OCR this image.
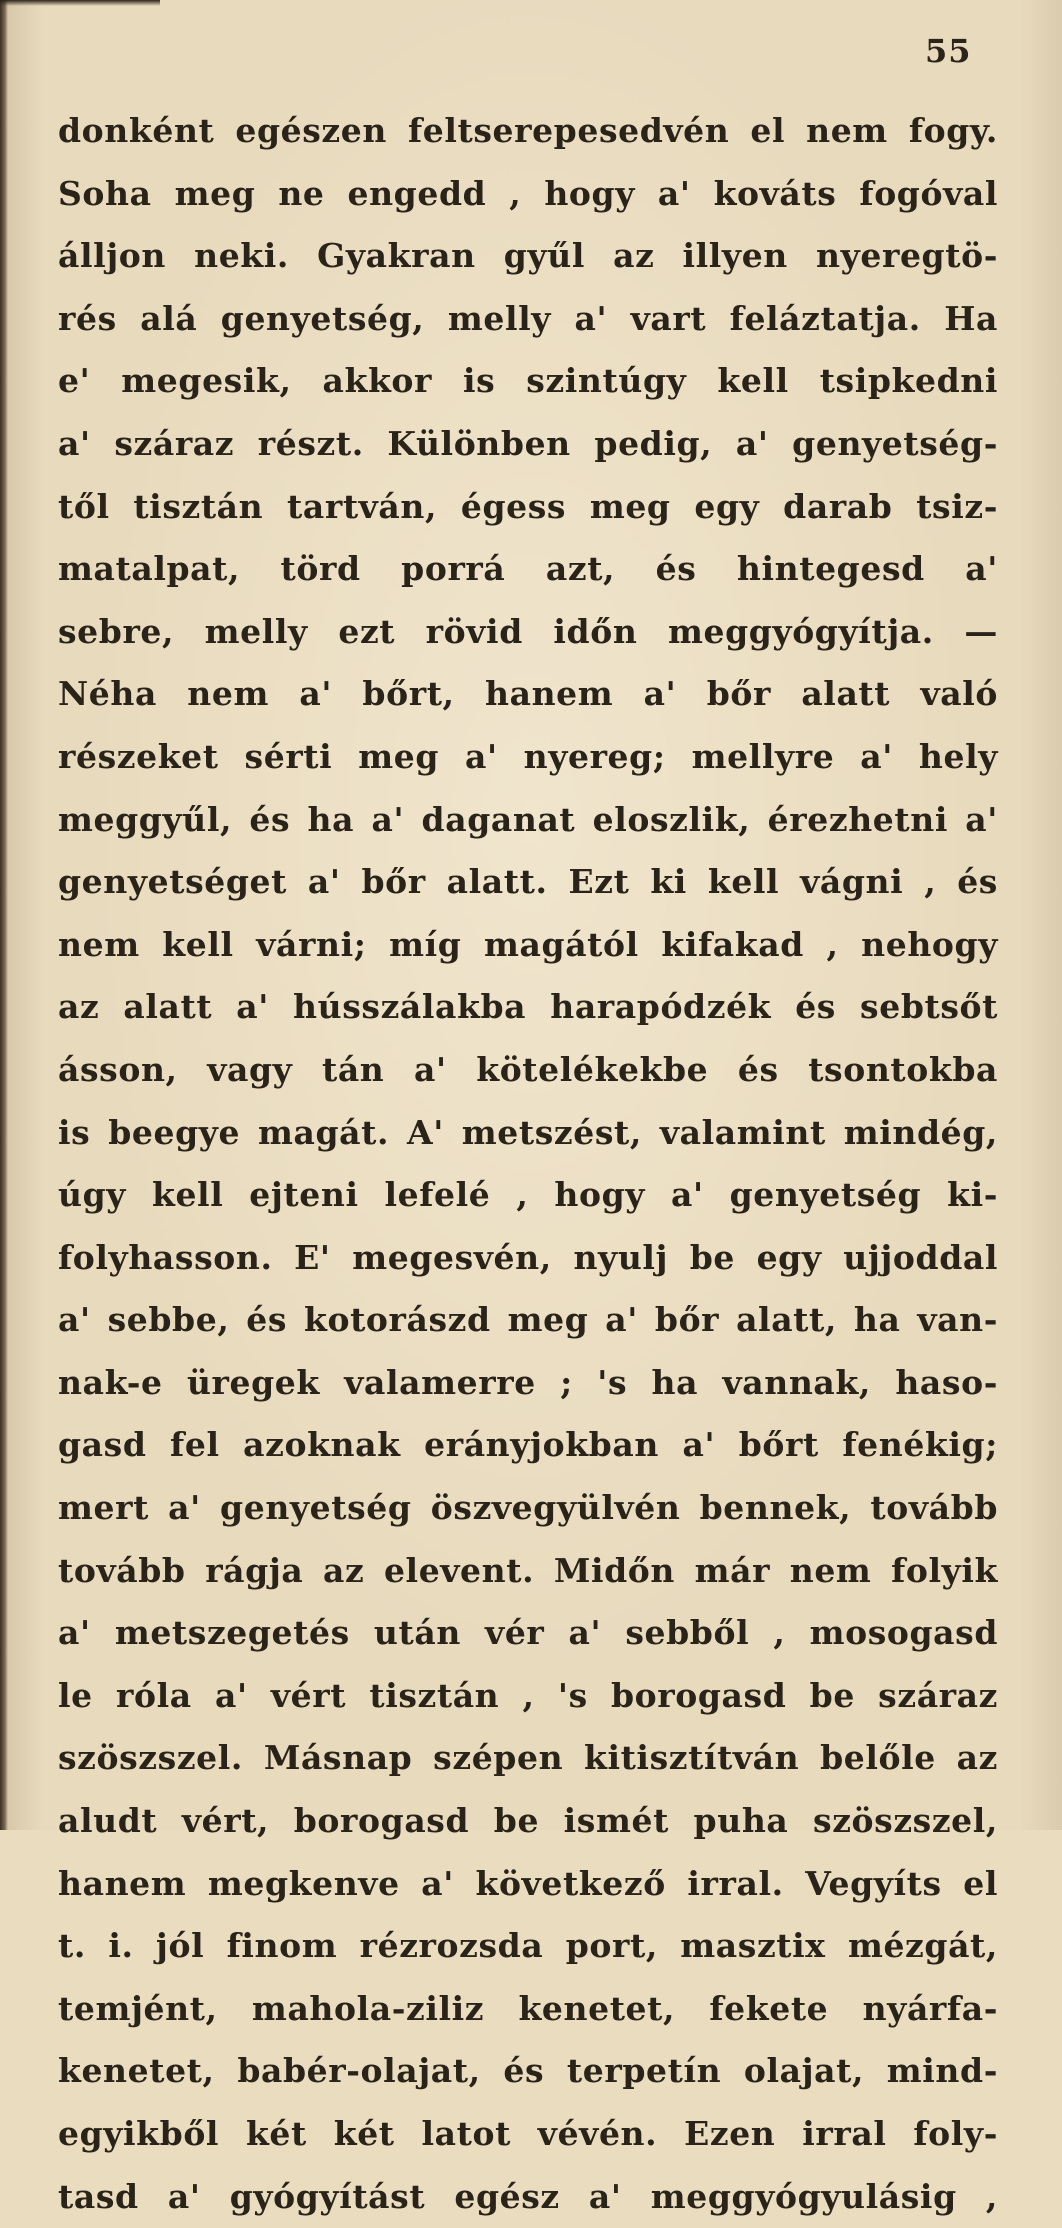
55
donként egészen feltserepesedvén el nem fogy.
Soha meg ne engedd , hogy a' kováts fogóval
álljon neki. Gyakran gyűl az illyen nyeregtö-
rés alá genyetség, melly a' vart feláztatja. Ha
e' megesik, akkor is szintúgy kell tsipkedni
a' száraz részt. Különben pedig, a' genyetség-
től tisztán tartván, égess meg egy darab tsiz-
matalpat, törd porrá azt, és hintegesd a'
sebre, melly ezt rövid idő́n meggyógyítja. —
Néha nem a' bőrt, hanem a' bőr alatt való
részeket sérti meg a' nyereg; mellyre a' hely
meggyűl, és ha a' daganat eloszlik, érezhetni a'
genyetséget a' bőr alatt. Ezt ki kell vágni , és
nem kell várni; míg magától kifakad , nehogy
az alatt a' hússzálakba harapódzék és sebtsőt
ásson, vagy tán a' kötelékekbe és tsontokba
is beegye magát. A' metszést, valamint mindég,
úgy kell ejteni lefelé , hogy a' genyetség ki-
folyhasson. E' megesvén, nyulj be egy ujjoddal
a' sebbe, és kotorászd meg a' bőr alatt, ha van-
nak-e üregek valamerre ; 's ha vannak, haso-
gasd fel azoknak erányjokban a' bőrt fenékig;
mert a' genyetség öszvegyülvén bennek, tovább
tovább rágja az elevent. Midőn már nem folyik
a' metszegetés után vér a' sebből , mosogasd
le róla a' vért tisztán , 's borogasd be száraz
szöszszel. Másnap szépen kitisztítván belőle az
aludt vért, borogasd be ismét puha szöszszel,
hanem megkenve a' következő irral. Vegyíts el
t. i. jól finom rézrozsda port, masztix mézgát,
temjént, mahola-ziliz kenetet, fekete nyárfa-
kenetet, babér-olajat, és terpetín olajat, mind-
egyikből két két latot vévén. Ezen irral foly-
tasd a' gyógyítást egész a' meggyógyulásig ,
